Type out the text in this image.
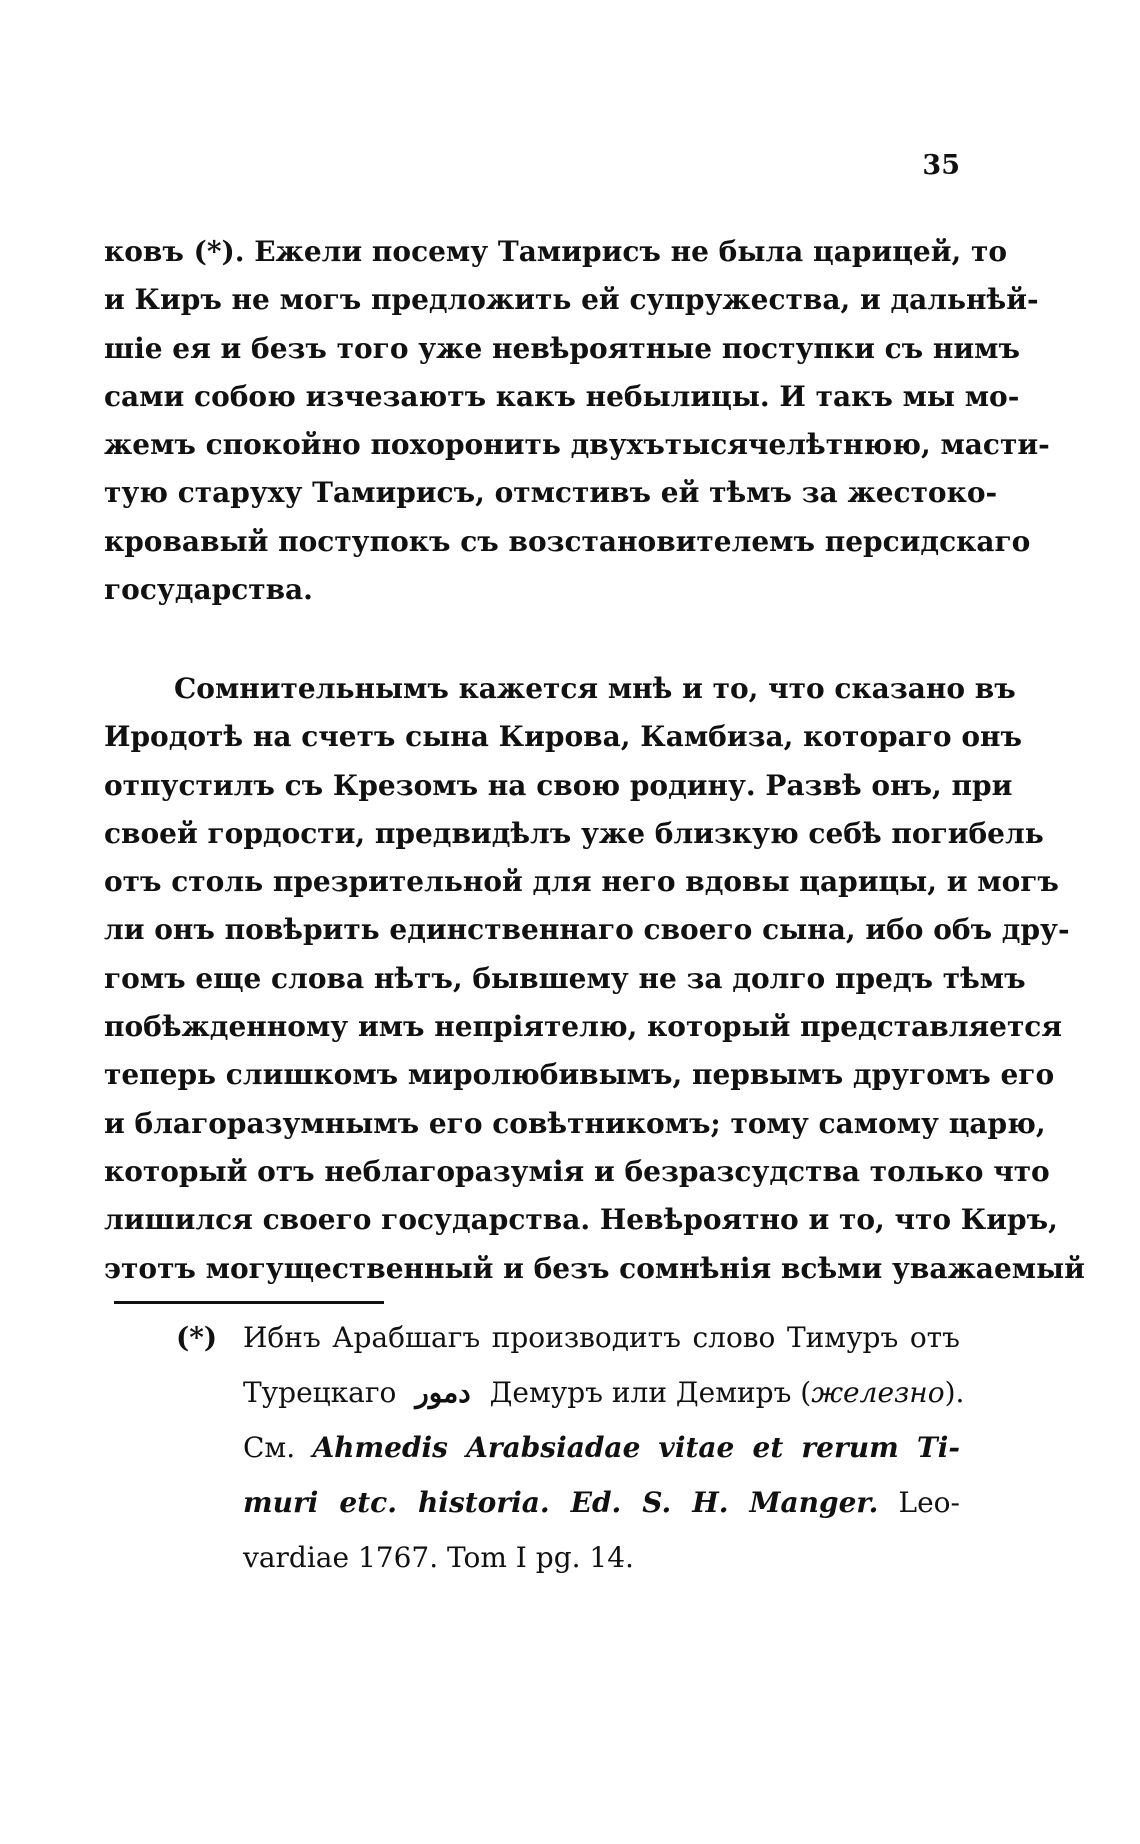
35
ковъ (*). Ежели посему Тамирисъ не была царицей, то
и Киръ не могъ предложить ей супружества, и дальнѣй-
шіе ея и безъ того уже невѣроятные поступки съ нимъ
сами собою изчезаютъ какъ небылицы. И такъ мы мо-
жемъ спокойно похоронить двухътысячелѣтнюю, масти-
тую старуху Тамирисъ, отмстивъ ей тѣмъ за жестоко-
кровавый поступокъ съ возстановителемъ персидскаго
государства.
Сомнительнымъ кажется мнѣ и то, что сказано въ
Иродотѣ на счетъ сына Кирова, Камбиза, котораго онъ
отпустилъ съ Крезомъ на свою родину. Развѣ онъ, при
своей гордости, предвидѣлъ уже близкую себѣ погибель
отъ столь презрительной для него вдовы царицы, и могъ
ли онъ повѣрить единственнаго своего сына, ибо объ дру-
гомъ еще слова нѣтъ, бывшему не за долго предъ тѣмъ
побѣжденному имъ непріятелю, который представляется
теперь слишкомъ миролюбивымъ, первымъ другомъ его
и благоразумнымъ его совѣтникомъ; тому самому царю,
который отъ неблагоразумія и безразсудства только что
лишился своего государства. Невѣроятно и то, что Киръ,
этотъ могущественный и безъ сомнѣнія всѣми уважаемый
(*) Ибнъ Арабшагъ производитъ слово Тимуръ отъ
Турецкаго دمور Демуръ или Демиръ (железно).
См. Ahmedis Arabsiadae vitae et rerum Ti-
muri etc. historia. Ed. S. H. Manger. Leo-
vardiae 1767. Tom I pg. 14.
